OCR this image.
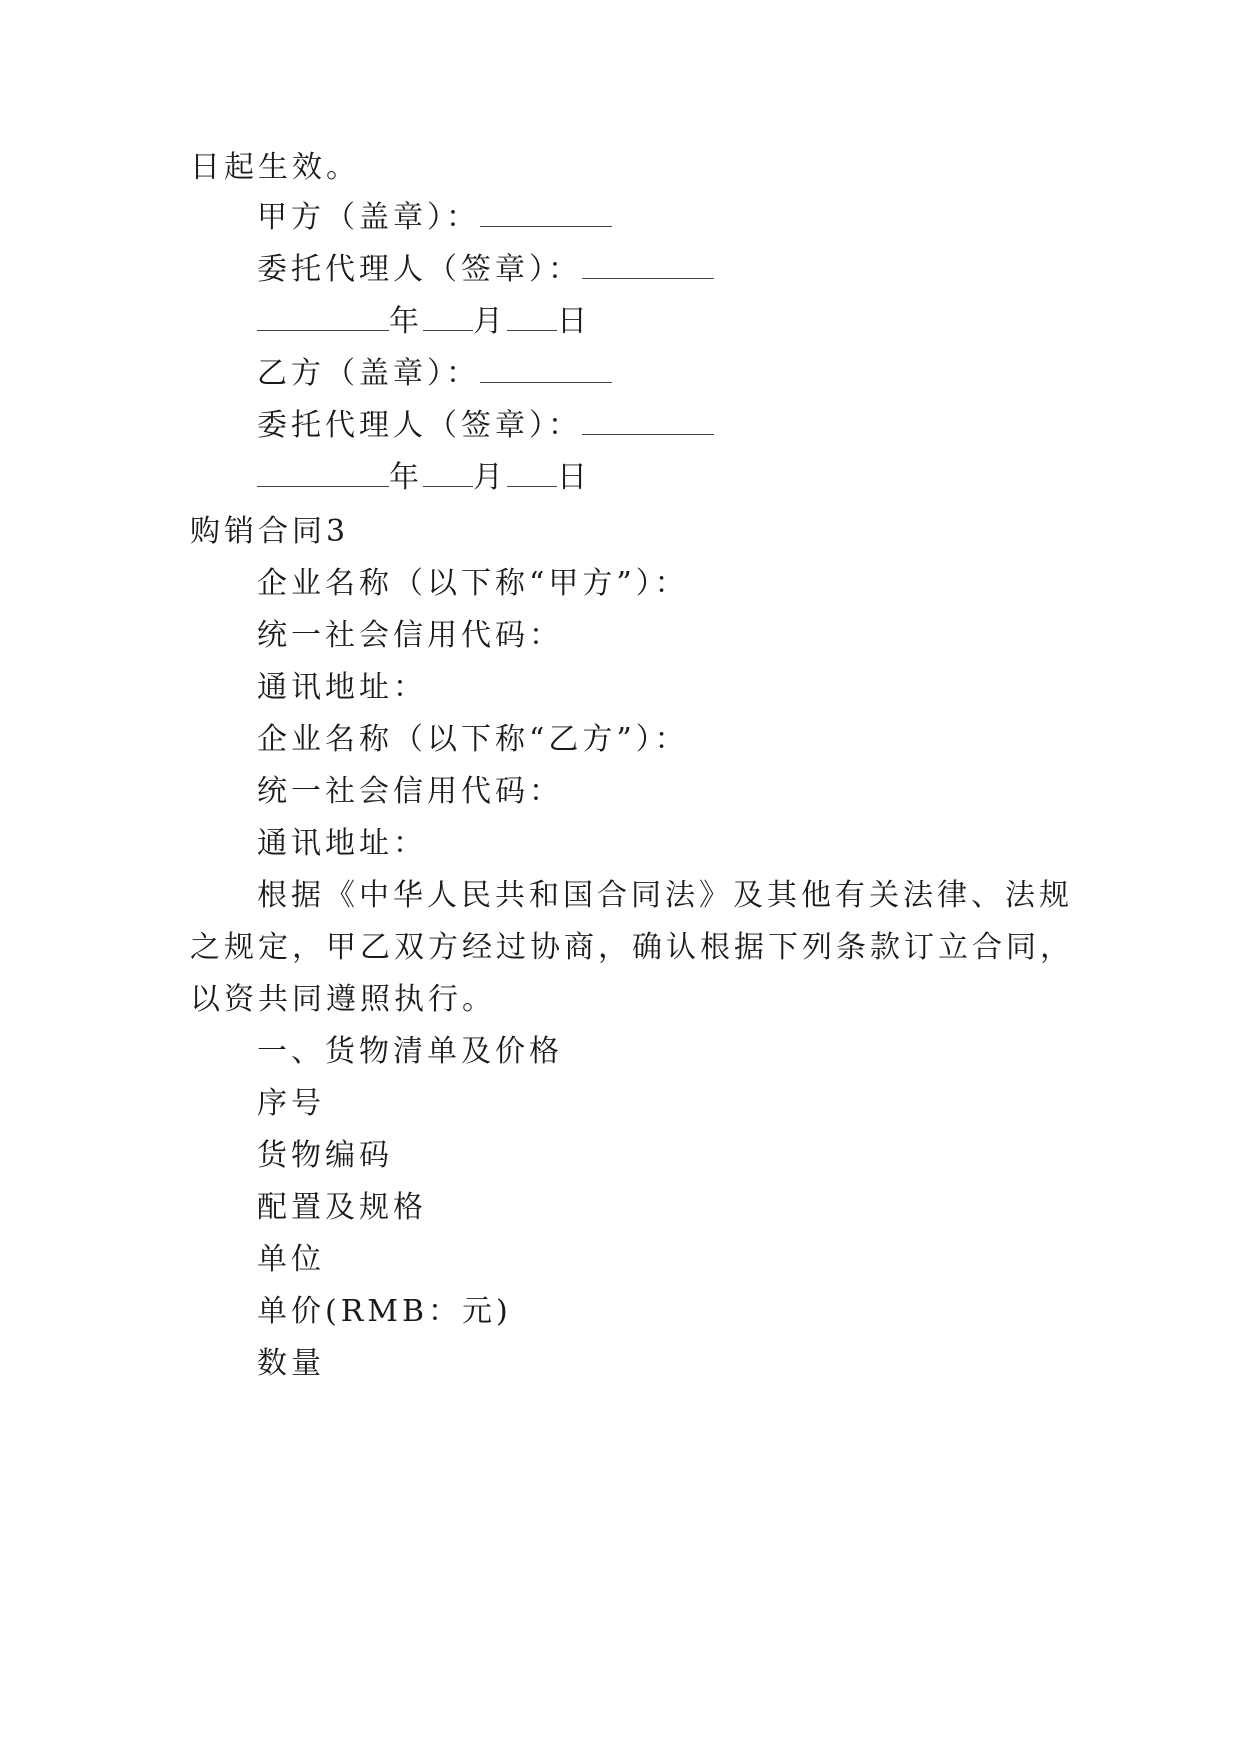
日起生效。
甲方（盖章）：
委托代理人（签章）：
年 月 日
乙方（盖章）：
委托代理人（签章）：
年 月 日
购销合同3
企业名称（以下称“甲方”）：
统一社会信用代码：
通讯地址：
企业名称（以下称“乙方”）：
统一社会信用代码：
通讯地址：
根据《中华人民共和国合同法》及其他有关法律、法规
之规定，甲乙双方经过协商，确认根据下列条款订立合同，
以资共同遵照执行。
一、货物清单及价格
序号
货物编码
配置及规格
单位
单价(RMB：元)
数量
